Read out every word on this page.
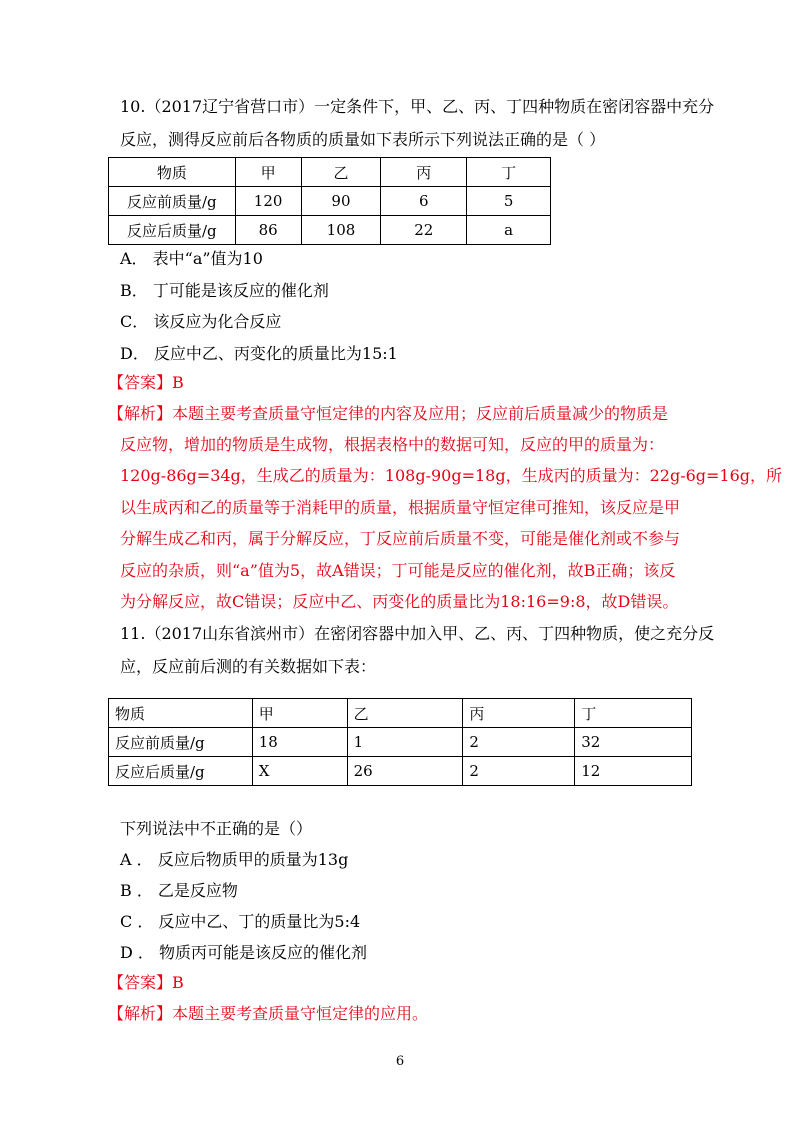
10.（2017辽宁省营口市）一定条件下，甲、乙、丙、丁四种物质在密闭容器中充分
反应，测得反应前后各物质的质量如下表所示下列说法正确的是（ ）
物质	甲	乙	丙	丁
反应前质量/g	120	90	6	5
反应后质量/g	86	108	22	a
A． 表中“a”值为10
B． 丁可能是该反应的催化剂
C． 该反应为化合反应
D． 反应中乙、丙变化的质量比为15:1
【答案】B
【解析】本题主要考查质量守恒定律的内容及应用；反应前后质量减少的物质是
反应物，增加的物质是生成物，根据表格中的数据可知，反应的甲的质量为：
120g-86g=34g，生成乙的质量为：108g-90g=18g，生成丙的质量为：22g-6g=16g，所
以生成丙和乙的质量等于消耗甲的质量，根据质量守恒定律可推知，该反应是甲
分解生成乙和丙，属于分解反应，丁反应前后质量不变，可能是催化剂或不参与
反应的杂质，则“a”值为5，故A错误；丁可能是反应的催化剂，故B正确；该反
为分解反应，故C错误；反应中乙、丙变化的质量比为18:16=9:8，故D错误。
11.（2017山东省滨州市）在密闭容器中加入甲、乙、丙、丁四种物质，使之充分反
应，反应前后测的有关数据如下表：
物质	甲	乙	丙	丁
反应前质量/g	18	1	2	32
反应后质量/g	X	26	2	12
下列说法中不正确的是（）
A ． 反应后物质甲的质量为13g
B ． 乙是反应物
C ． 反应中乙、丁的质量比为5:4
D ． 物质丙可能是该反应的催化剂
【答案】B
【解析】本题主要考查质量守恒定律的应用。
6
